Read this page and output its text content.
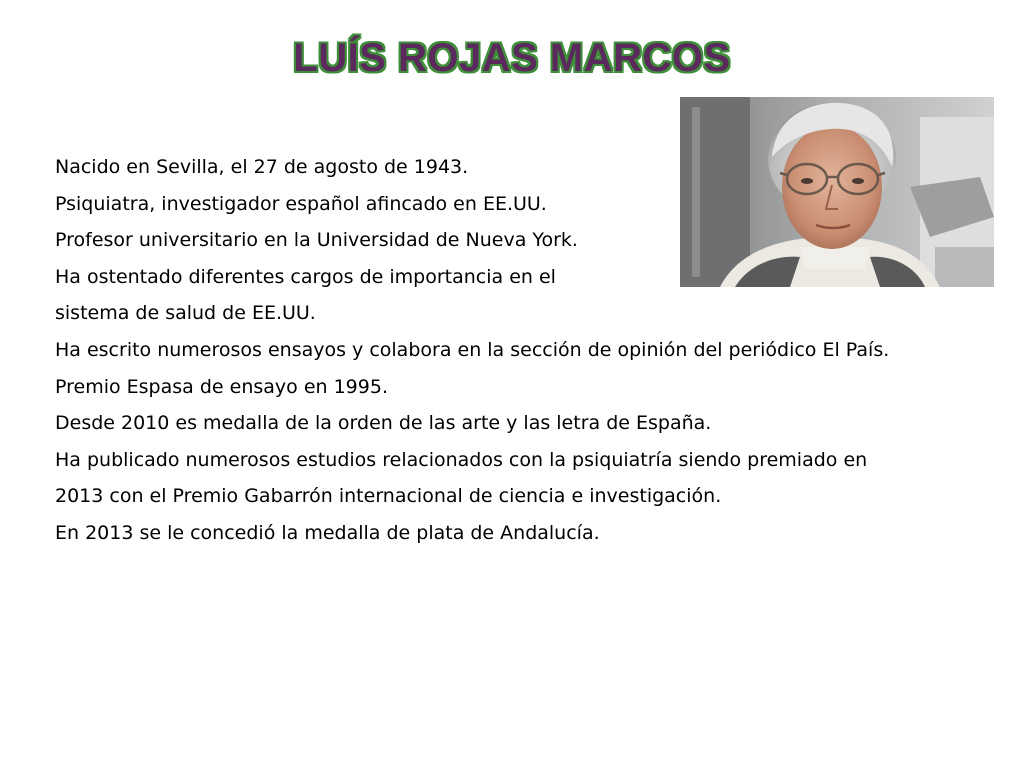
LUÍS ROJAS MARCOS
Nacido en Sevilla, el 27 de agosto de 1943.
Psiquiatra, investigador español afincado en EE.UU.
Profesor universitario en la Universidad de Nueva York.
Ha ostentado diferentes cargos de importancia en el
sistema de salud de EE.UU.
Ha escrito numerosos ensayos y colabora en la sección de opinión del periódico El País.
Premio Espasa de ensayo en 1995.
Desde 2010 es medalla de la orden de las arte y las letra de España.
Ha publicado numerosos estudios relacionados con la psiquiatría siendo premiado en
2013 con el Premio Gabarrón internacional de ciencia e investigación.
En 2013 se le concedió la medalla de plata de Andalucía.
